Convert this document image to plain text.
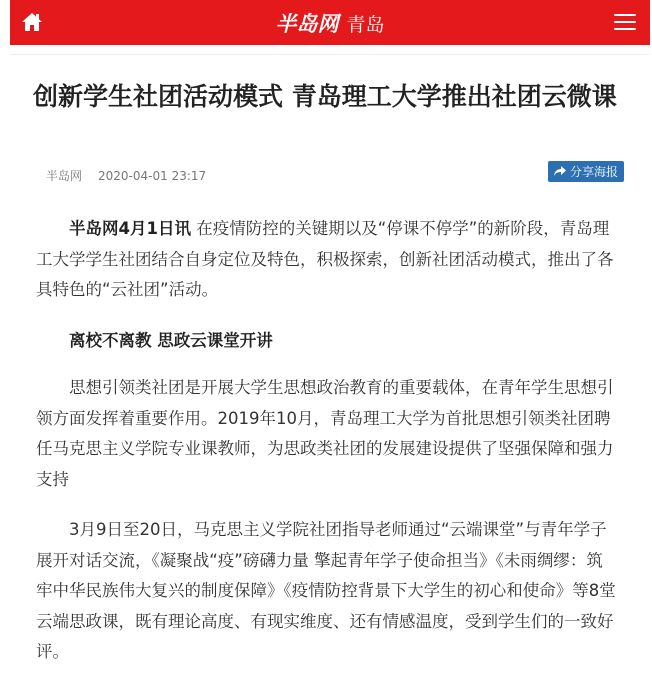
半岛网 青岛
创新学生社团活动模式 青岛理工大学推出社团云微课
半岛网 2020-04-01 23:17	分享海报

半岛网4月1日讯 在疫情防控的关键期以及“停课不停学”的新阶段，青岛理工大学学生社团结合自身定位及特色，积极探索，创新社团活动模式，推出了各具特色的“云社团”活动。

离校不离教 思政云课堂开讲

思想引领类社团是开展大学生思想政治教育的重要载体，在青年学生思想引领方面发挥着重要作用。2019年10月，青岛理工大学为首批思想引领类社团聘任马克思主义学院专业课教师，为思政类社团的发展建设提供了坚强保障和强力支持

3月9日至20日，马克思主义学院社团指导老师通过“云端课堂”与青年学子展开对话交流，《凝聚战“疫”磅礴力量 擎起青年学子使命担当》《未雨绸缪：筑牢中华民族伟大复兴的制度保障》《疫情防控背景下大学生的初心和使命》等8堂云端思政课，既有理论高度、有现实维度、还有情感温度，受到学生们的一致好评。
